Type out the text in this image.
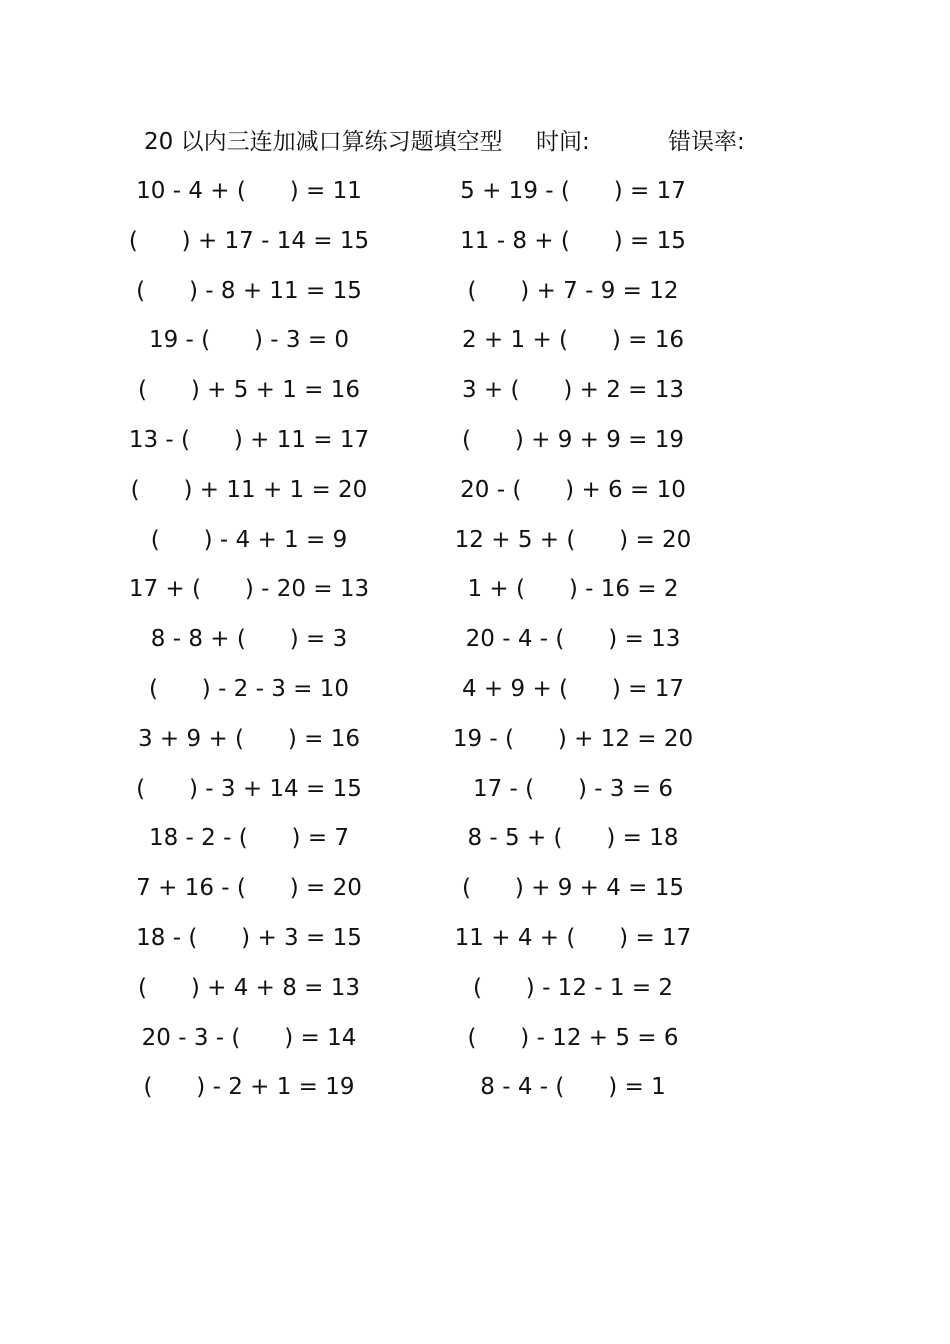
20 以内三连加减口算练习题填空型

时间:

	错误率:

10 - 4 + (      ) = 11
(      ) + 17 - 14 = 15
(      ) - 8 + 11 = 15
19 - (      ) - 3 = 0
(      ) + 5 + 1 = 16
13 - (      ) + 11 = 17
(      ) + 11 + 1 = 20
(      ) - 4 + 1 = 9
17 + (      ) - 20 = 13
8 - 8 + (      ) = 3
(      ) - 2 - 3 = 10
3 + 9 + (      ) = 16
(      ) - 3 + 14 = 15
18 - 2 - (      ) = 7
7 + 16 - (      ) = 20
18 - (      ) + 3 = 15
(      ) + 4 + 8 = 13
20 - 3 - (      ) = 14
(      ) - 2 + 1 = 19
5 + 19 - (      ) = 17
11 - 8 + (      ) = 15
(      ) + 7 - 9 = 12
2 + 1 + (      ) = 16
3 + (      ) + 2 = 13
(      ) + 9 + 9 = 19
20 - (      ) + 6 = 10
12 + 5 + (      ) = 20
1 + (      ) - 16 = 2
20 - 4 - (      ) = 13
4 + 9 + (      ) = 17
19 - (      ) + 12 = 20
17 - (      ) - 3 = 6
8 - 5 + (      ) = 18
(      ) + 9 + 4 = 15
11 + 4 + (      ) = 17
(      ) - 12 - 1 = 2
(      ) - 12 + 5 = 6
8 - 4 - (      ) = 1
